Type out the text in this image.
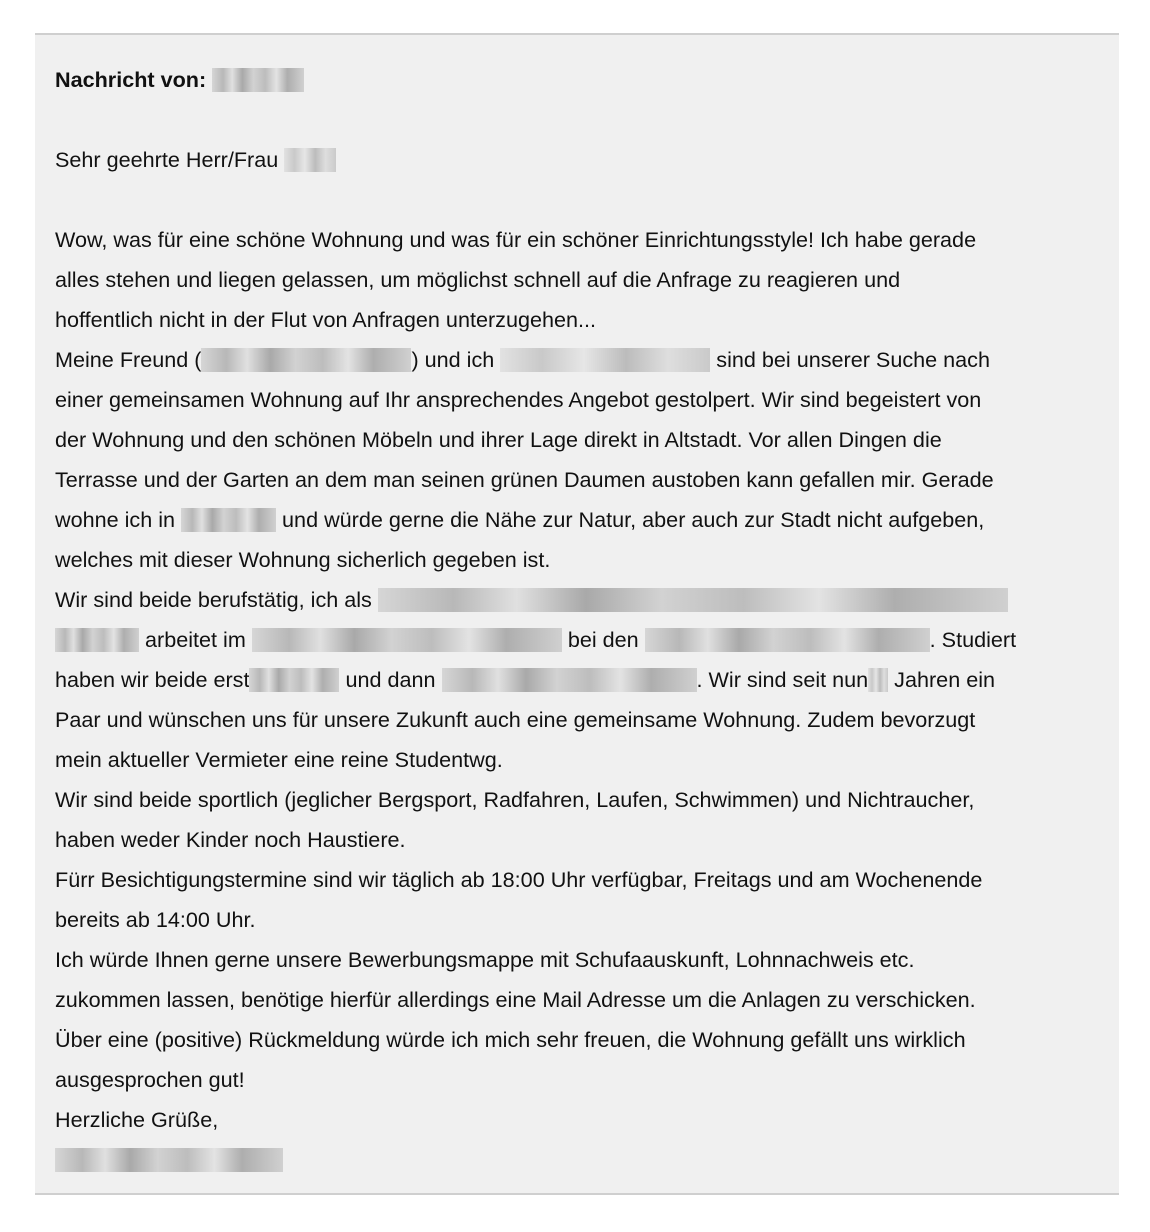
Nachricht von:
Sehr geehrte Herr/Frau
Wow, was für eine schöne Wohnung und was für ein schöner Einrichtungsstyle! Ich habe gerade
alles stehen und liegen gelassen, um möglichst schnell auf die Anfrage zu reagieren und
hoffentlich nicht in der Flut von Anfragen unterzugehen...
Meine Freund (	) und ich	sind bei unserer Suche nach
einer gemeinsamen Wohnung auf Ihr ansprechendes Angebot gestolpert. Wir sind begeistert von
der Wohnung und den schönen Möbeln und ihrer Lage direkt in Altstadt. Vor allen Dingen die
Terrasse und der Garten an dem man seinen grünen Daumen austoben kann gefallen mir. Gerade
wohne ich in	und würde gerne die Nähe zur Natur, aber auch zur Stadt nicht aufgeben,
welches mit dieser Wohnung sicherlich gegeben ist.
Wir sind beide berufstätig, ich als
arbeitet im	bei den	. Studiert
haben wir beide erst	und dann	. Wir sind seit nun Jahren ein
Paar und wünschen uns für unsere Zukunft auch eine gemeinsame Wohnung. Zudem bevorzugt
mein aktueller Vermieter eine reine Studentwg.
Wir sind beide sportlich (jeglicher Bergsport, Radfahren, Laufen, Schwimmen) und Nichtraucher,
haben weder Kinder noch Haustiere.
Fürr Besichtigungstermine sind wir täglich ab 18:00 Uhr verfügbar, Freitags und am Wochenende
bereits ab 14:00 Uhr.
Ich würde Ihnen gerne unsere Bewerbungsmappe mit Schufaauskunft, Lohnnachweis etc.
zukommen lassen, benötige hierfür allerdings eine Mail Adresse um die Anlagen zu verschicken.
Über eine (positive) Rückmeldung würde ich mich sehr freuen, die Wohnung gefällt uns wirklich
ausgesprochen gut!
Herzliche Grüße,
